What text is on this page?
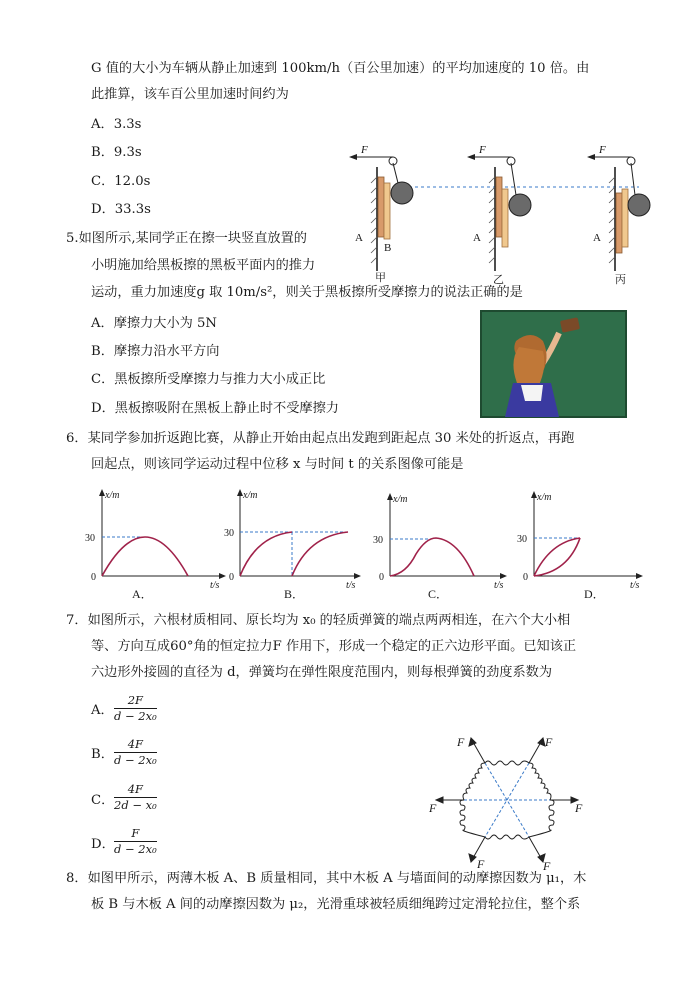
G 值的大小为车辆从静止加速到 100km/h（百公里加速）的平均加速度的 10 倍。由
此推算，该车百公里加速时间约为
A．3.3s
B．9.3s
C．12.0s
D．33.3s
F
A
B
甲
F
A
乙
F
A
丙
5.如图所示,某同学正在擦一块竖直放置的
小明施加给黑板擦的黑板平面内的推力
运动，重力加速度g 取 10m/s²，则关于黑板擦所受摩擦力的说法正确的是
A．摩擦力大小为 5N
B．摩擦力沿水平方向
C．黑板擦所受摩擦力与推力大小成正比
D．黑板擦吸附在黑板上静止时不受摩擦力
6．某同学参加折返跑比赛，从静止开始由起点出发跑到距起点 30 米处的折返点，再跑
回起点，则该同学运动过程中位移 x 与时间 t 的关系图像可能是
x/m
t/s
30
0
A．
x/m
t/s
30
0
B．
x/m
t/s
30
0
C．
x/m
t/s
30
0
D．
7．如图所示，六根材质相同、原长均为 x₀ 的轻质弹簧的端点两两相连，在六个大小相
等、方向互成60°角的恒定拉力F 作用下，形成一个稳定的正六边形平面。已知该正
六边形外接圆的直径为 d，弹簧均在弹性限度范围内，则每根弹簧的劲度系数为
A． $\frac{2F}{\text{d − 2x₀}}$
B． $\frac{4F}{\text{d − 2x₀}}$
C． $\frac{4F}{\text{2d − x₀}}$
D． $\frac{F}{\text{d − 2x₀}}$
F	F
F	F
F	F
8．如图甲所示，两薄木板 A、B 质量相同，其中木板 A 与墙面间的动摩擦因数为 μ₁，木
板 B 与木板 A 间的动摩擦因数为 μ₂，光滑重球被轻质细绳跨过定滑轮拉住，整个系
